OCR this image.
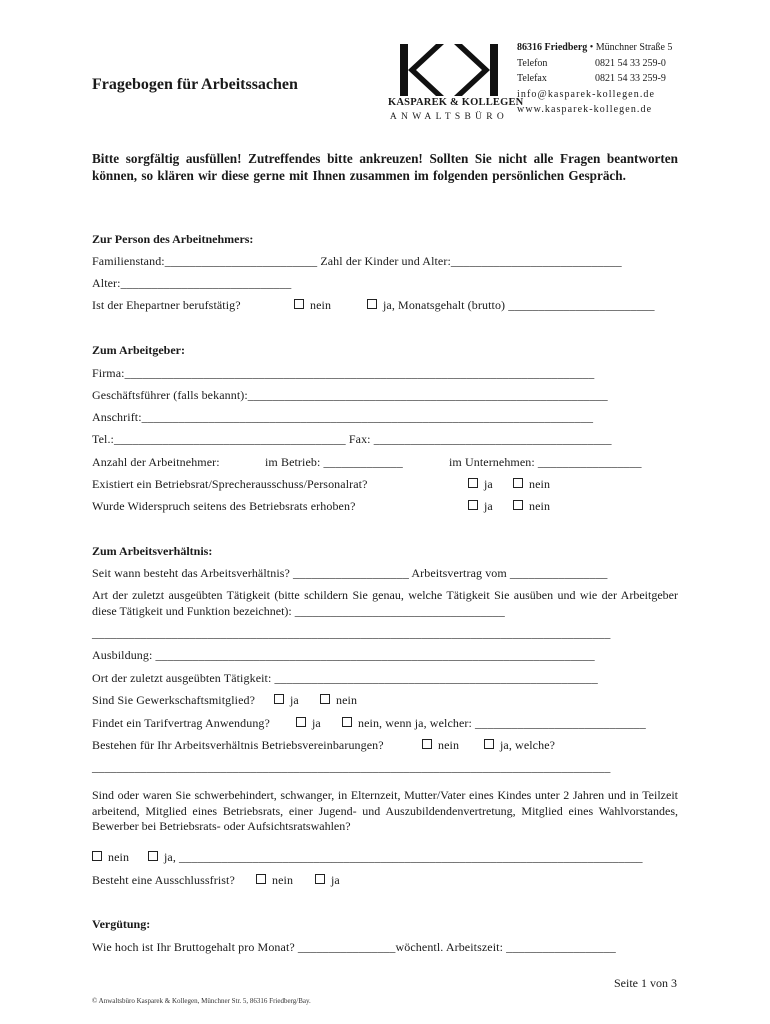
Fragebogen für Arbeitssachen
KASPAREK & KOLLEGEN
ANWALTSBÜRO
86316 Friedberg • Münchner Straße 5
Telefon	0821 54 33 259-0
Telefax	0821 54 33 259-9
info@kasparek-kollegen.de
www.kasparek-kollegen.de
Bitte sorgfältig ausfüllen! Zutreffendes bitte ankreuzen! Sollten Sie nicht alle Fragen beantworten können, so klären wir diese gerne mit Ihnen zusammen im folgenden persönlichen Gespräch.
Zur Person des Arbeitnehmers:
Familienstand:_________________________ Zahl der Kinder und Alter:____________________________
Alter:____________________________
Ist der Ehepartner berufstätig?	nein	ja, Monatsgehalt (brutto) ________________________
Zum Arbeitgeber:
Firma:_____________________________________________________________________________
Geschäftsführer (falls bekannt):___________________________________________________________
Anschrift:__________________________________________________________________________
Tel.:______________________________________ Fax: _______________________________________
Anzahl der Arbeitnehmer:	im Betrieb: _____________	im Unternehmen: _________________
Existiert ein Betriebsrat/Sprecherausschuss/Personalrat?	ja	nein
Wurde Widerspruch seitens des Betriebsrats erhoben?	ja	nein
Zum Arbeitsverhältnis:
Seit wann besteht das Arbeitsverhältnis? ___________________ Arbeitsvertrag vom ________________
Art der zuletzt ausgeübten Tätigkeit (bitte schildern Sie genau, welche Tätigkeit Sie ausüben und wie der Arbeitgeber diese Tätigkeit und Funktion bezeichnet): ___________________________________
_____________________________________________________________________________________
Ausbildung: ________________________________________________________________________
Ort der zuletzt ausgeübten Tätigkeit: _____________________________________________________
Sind Sie Gewerkschaftsmitglied?	ja	nein
Findet ein Tarifvertrag Anwendung?	ja	nein, wenn ja, welcher: ____________________________
Bestehen für Ihr Arbeitsverhältnis Betriebsvereinbarungen?	nein	ja, welche?
_____________________________________________________________________________________
Sind oder waren Sie schwerbehindert, schwanger, in Elternzeit, Mutter/Vater eines Kindes unter 2 Jahren und in Teilzeit arbeitend, Mitglied eines Betriebsrats, einer Jugend- und Auszubildendenvertretung, Mitglied eines Wahlvorstandes, Bewerber bei Betriebsrats- oder Aufsichtsratswahlen?
nein	ja, ____________________________________________________________________________
Besteht eine Ausschlussfrist?	nein	ja
Vergütung:
Wie hoch ist Ihr Bruttogehalt pro Monat? ________________wöchentl. Arbeitszeit: __________________
Seite 1 von 3
© Anwaltsbüro Kasparek & Kollegen, Münchner Str. 5, 86316 Friedberg/Bay.
